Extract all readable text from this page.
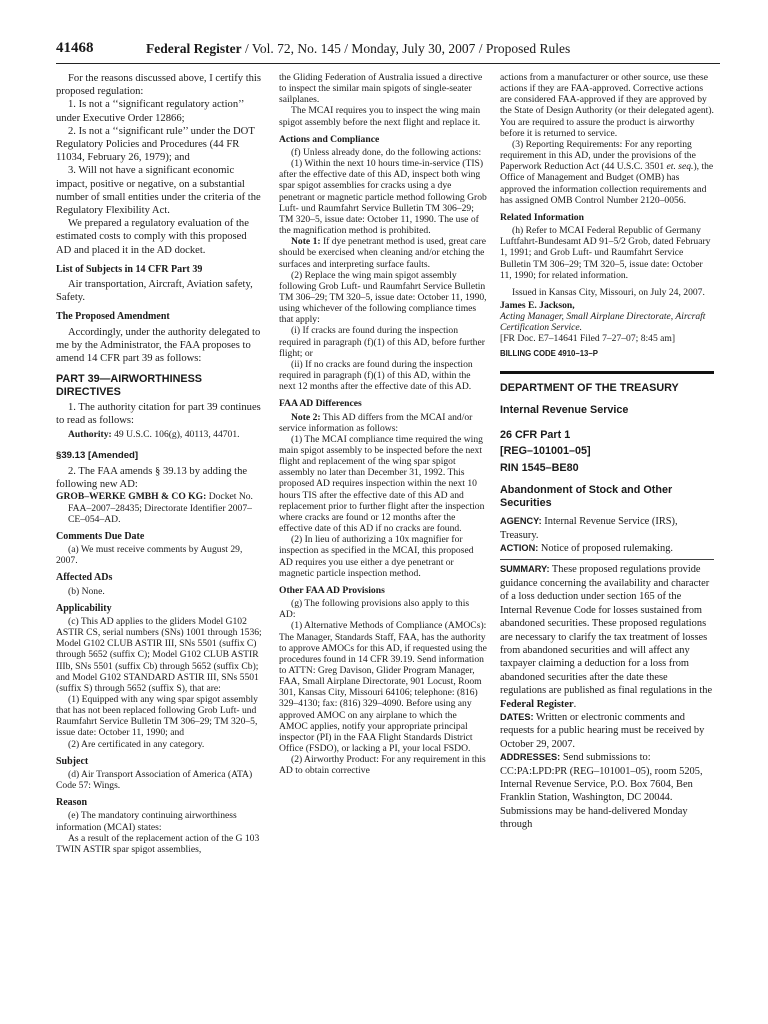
41468	Federal Register / Vol. 72, No. 145 / Monday, July 30, 2007 / Proposed Rules

For the reasons discussed above, I certify this proposed regulation:

1. Is not a ‘‘significant regulatory action’’ under Executive Order 12866;

2. Is not a ‘‘significant rule’’ under the DOT Regulatory Policies and Procedures (44 FR 11034, February 26, 1979); and

3. Will not have a significant economic impact, positive or negative, on a substantial number of small entities under the criteria of the Regulatory Flexibility Act.

We prepared a regulatory evaluation of the estimated costs to comply with this proposed AD and placed it in the AD docket.

List of Subjects in 14 CFR Part 39

Air transportation, Aircraft, Aviation safety, Safety.

The Proposed Amendment

Accordingly, under the authority delegated to me by the Administrator, the FAA proposes to amend 14 CFR part 39 as follows:

PART 39—AIRWORTHINESS DIRECTIVES

1. The authority citation for part 39 continues to read as follows:

Authority: 49 U.S.C. 106(g), 40113, 44701.

§39.13 [Amended]

2. The FAA amends § 39.13 by adding the following new AD:

GROB–WERKE GMBH & CO KG: Docket No. FAA–2007–28435; Directorate Identifier 2007–CE–054–AD.

Comments Due Date

(a) We must receive comments by August 29, 2007.

Affected ADs

(b) None.

Applicability

(c) This AD applies to the gliders Model G102 ASTIR CS, serial numbers (SNs) 1001 through 1536; Model G102 CLUB ASTIR III, SNs 5501 (suffix C) through 5652 (suffix C); Model G102 CLUB ASTIR IIIb, SNs 5501 (suffix Cb) through 5652 (suffix Cb); and Model G102 STANDARD ASTIR III, SNs 5501 (suffix S) through 5652 (suffix S), that are:

(1) Equipped with any wing spar spigot assembly that has not been replaced following Grob Luft- und Raumfahrt Service Bulletin TM 306–29; TM 320–5, issue date: October 11, 1990; and

(2) Are certificated in any category.

Subject

(d) Air Transport Association of America (ATA) Code 57: Wings.

Reason

(e) The mandatory continuing airworthiness information (MCAI) states:

As a result of the replacement action of the G 103 TWIN ASTIR spar spigot assemblies,

the Gliding Federation of Australia issued a directive to inspect the similar main spigots of single-seater sailplanes.

The MCAI requires you to inspect the wing main spigot assembly before the next flight and replace it.

Actions and Compliance

(f) Unless already done, do the following actions:

(1) Within the next 10 hours time-in-service (TIS) after the effective date of this AD, inspect both wing spar spigot assemblies for cracks using a dye penetrant or magnetic particle method following Grob Luft- und Raumfahrt Service Bulletin TM 306–29; TM 320–5, issue date: October 11, 1990. The use of the magnification method is prohibited.

Note 1: If dye penetrant method is used, great care should be exercised when cleaning and/or etching the surfaces and interpreting surface faults.

(2) Replace the wing main spigot assembly following Grob Luft- und Raumfahrt Service Bulletin TM 306–29; TM 320–5, issue date: October 11, 1990, using whichever of the following compliance times that apply:

(i) If cracks are found during the inspection required in paragraph (f)(1) of this AD, before further flight; or

(ii) If no cracks are found during the inspection required in paragraph (f)(1) of this AD, within the next 12 months after the effective date of this AD.

FAA AD Differences

Note 2: This AD differs from the MCAI and/or service information as follows:

(1) The MCAI compliance time required the wing main spigot assembly to be inspected before the next flight and replacement of the wing spar spigot assembly no later than December 31, 1992. This proposed AD requires inspection within the next 10 hours TIS after the effective date of this AD and replacement prior to further flight after the inspection where cracks are found or 12 months after the effective date of this AD if no cracks are found.

(2) In lieu of authorizing a 10x magnifier for inspection as specified in the MCAI, this proposed AD requires you use either a dye penetrant or magnetic particle inspection method.

Other FAA AD Provisions

(g) The following provisions also apply to this AD:

(1) Alternative Methods of Compliance (AMOCs): The Manager, Standards Staff, FAA, has the authority to approve AMOCs for this AD, if requested using the procedures found in 14 CFR 39.19. Send information to ATTN: Greg Davison, Glider Program Manager, FAA, Small Airplane Directorate, 901 Locust, Room 301, Kansas City, Missouri 64106; telephone: (816) 329–4130; fax: (816) 329–4090. Before using any approved AMOC on any airplane to which the AMOC applies, notify your appropriate principal inspector (PI) in the FAA Flight Standards District Office (FSDO), or lacking a PI, your local FSDO.

(2) Airworthy Product: For any requirement in this AD to obtain corrective

actions from a manufacturer or other source, use these actions if they are FAA-approved. Corrective actions are considered FAA-approved if they are approved by the State of Design Authority (or their delegated agent). You are required to assure the product is airworthy before it is returned to service.

(3) Reporting Requirements: For any reporting requirement in this AD, under the provisions of the Paperwork Reduction Act (44 U.S.C. 3501 et. seq.), the Office of Management and Budget (OMB) has approved the information collection requirements and has assigned OMB Control Number 2120–0056.

Related Information

(h) Refer to MCAI Federal Republic of Germany Luftfahrt-Bundesamt AD 91–5/2 Grob, dated February 1, 1991; and Grob Luft- und Raumfahrt Service Bulletin TM 306–29; TM 320–5, issue date: October 11, 1990; for related information.

Issued in Kansas City, Missouri, on July 24, 2007.

James E. Jackson,

Acting Manager, Small Airplane Directorate, Aircraft Certification Service.

[FR Doc. E7–14641 Filed 7–27–07; 8:45 am]

BILLING CODE 4910–13–P
DEPARTMENT OF THE TREASURY
Internal Revenue Service
26 CFR Part 1
[REG–101001–05]
RIN 1545–BE80
Abandonment of Stock and Other Securities

AGENCY: Internal Revenue Service (IRS), Treasury.

ACTION: Notice of proposed rulemaking.

SUMMARY: These proposed regulations provide guidance concerning the availability and character of a loss deduction under section 165 of the Internal Revenue Code for losses sustained from abandoned securities. These proposed regulations are necessary to clarify the tax treatment of losses from abandoned securities and will affect any taxpayer claiming a deduction for a loss from abandoned securities after the date these regulations are published as final regulations in the Federal Register.

DATES: Written or electronic comments and requests for a public hearing must be received by October 29, 2007.

ADDRESSES: Send submissions to: CC:PA:LPD:PR (REG–101001–05), room 5205, Internal Revenue Service, P.O. Box 7604, Ben Franklin Station, Washington, DC 20044. Submissions may be hand-delivered Monday through
